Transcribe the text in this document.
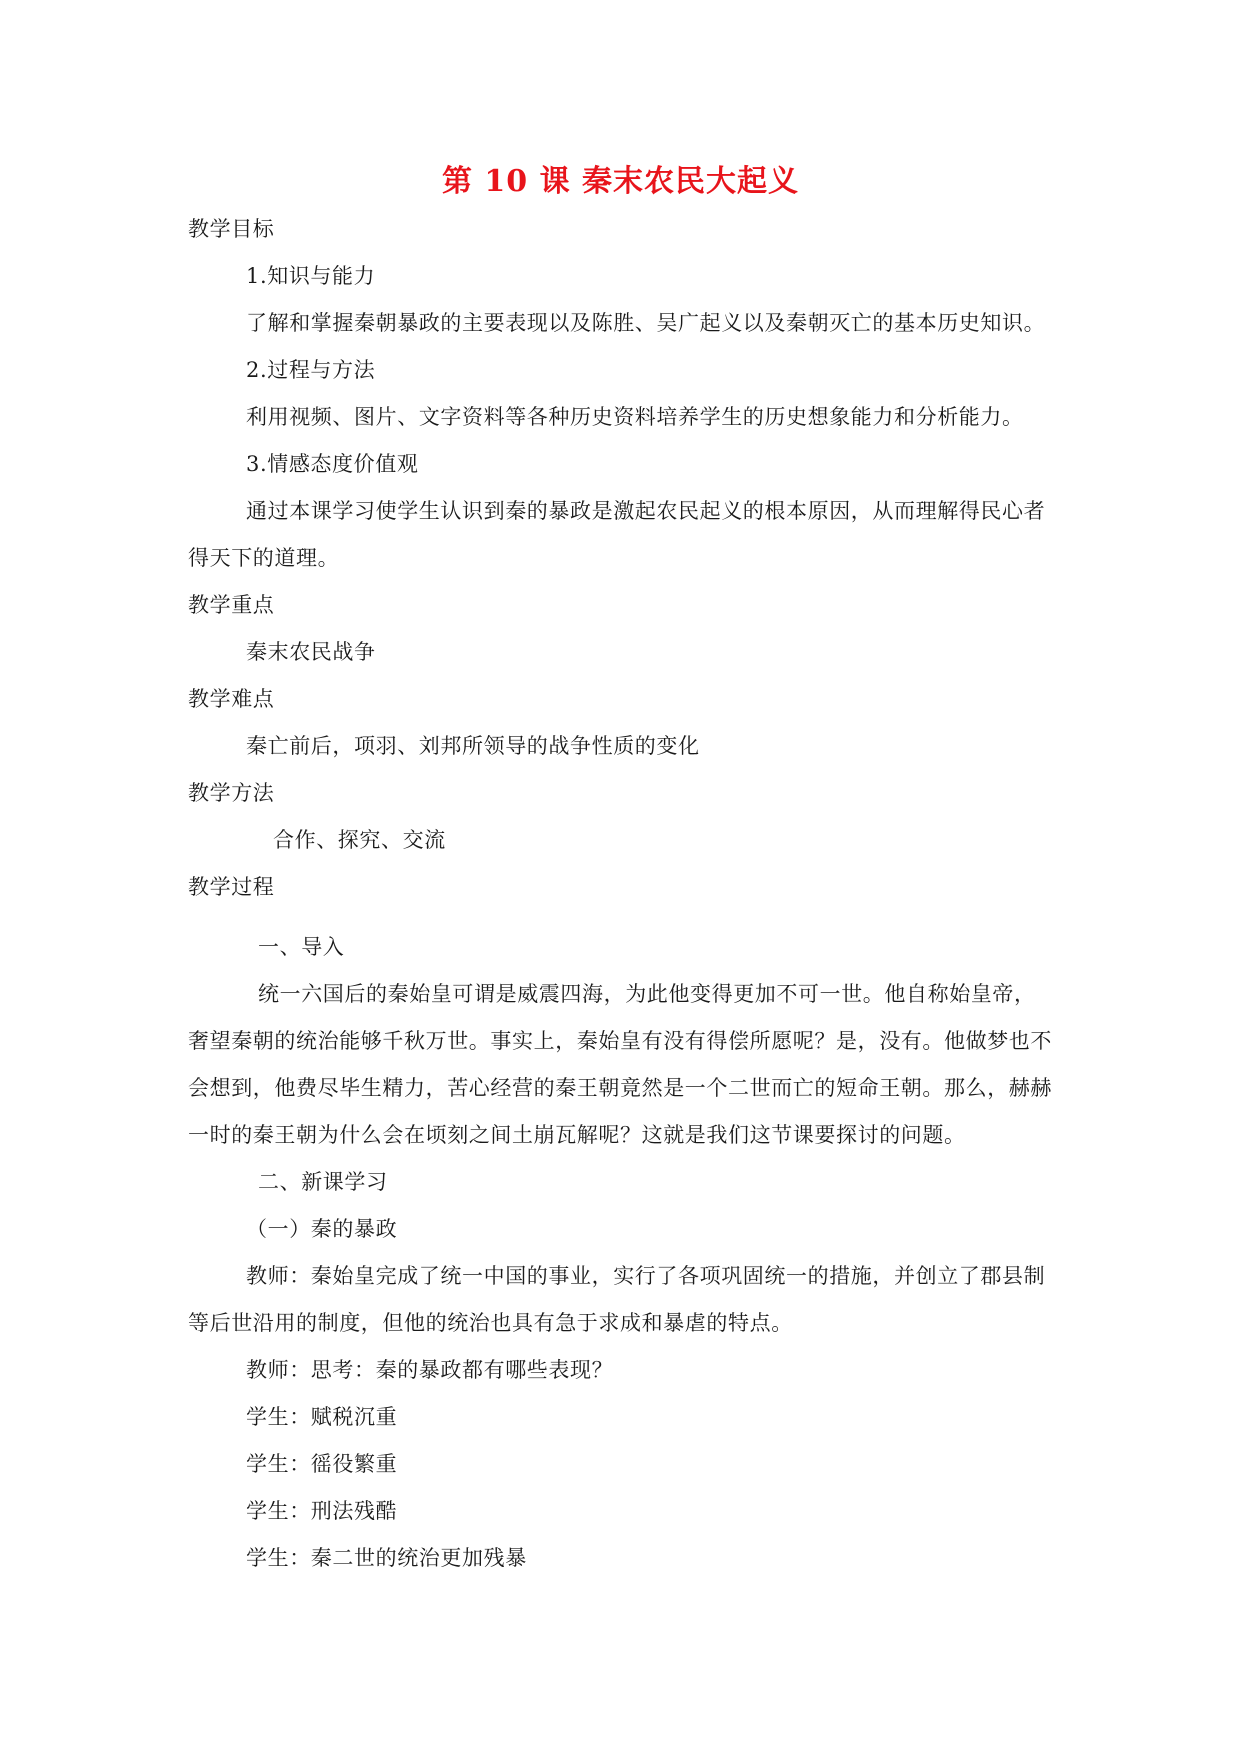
第 10 课 秦末农民大起义
教学目标
1.知识与能力
了解和掌握秦朝暴政的主要表现以及陈胜、吴广起义以及秦朝灭亡的基本历史知识。
2.过程与方法
利用视频、图片、文字资料等各种历史资料培养学生的历史想象能力和分析能力。
3.情感态度价值观
通过本课学习使学生认识到秦的暴政是激起农民起义的根本原因，从而理解得民心者
得天下的道理。
教学重点
秦末农民战争
教学难点
秦亡前后，项羽、刘邦所领导的战争性质的变化
教学方法
合作、探究、交流
教学过程
一、导入
统一六国后的秦始皇可谓是威震四海，为此他变得更加不可一世。他自称始皇帝，
奢望秦朝的统治能够千秋万世。事实上，秦始皇有没有得偿所愿呢？是，没有。他做梦也不
会想到，他费尽毕生精力，苦心经营的秦王朝竟然是一个二世而亡的短命王朝。那么，赫赫
一时的秦王朝为什么会在顷刻之间土崩瓦解呢？这就是我们这节课要探讨的问题。
二、新课学习
（一）秦的暴政
教师：秦始皇完成了统一中国的事业，实行了各项巩固统一的措施，并创立了郡县制
等后世沿用的制度，但他的统治也具有急于求成和暴虐的特点。
教师：思考：秦的暴政都有哪些表现？
学生：赋税沉重
学生：徭役繁重
学生：刑法残酷
学生：秦二世的统治更加残暴
